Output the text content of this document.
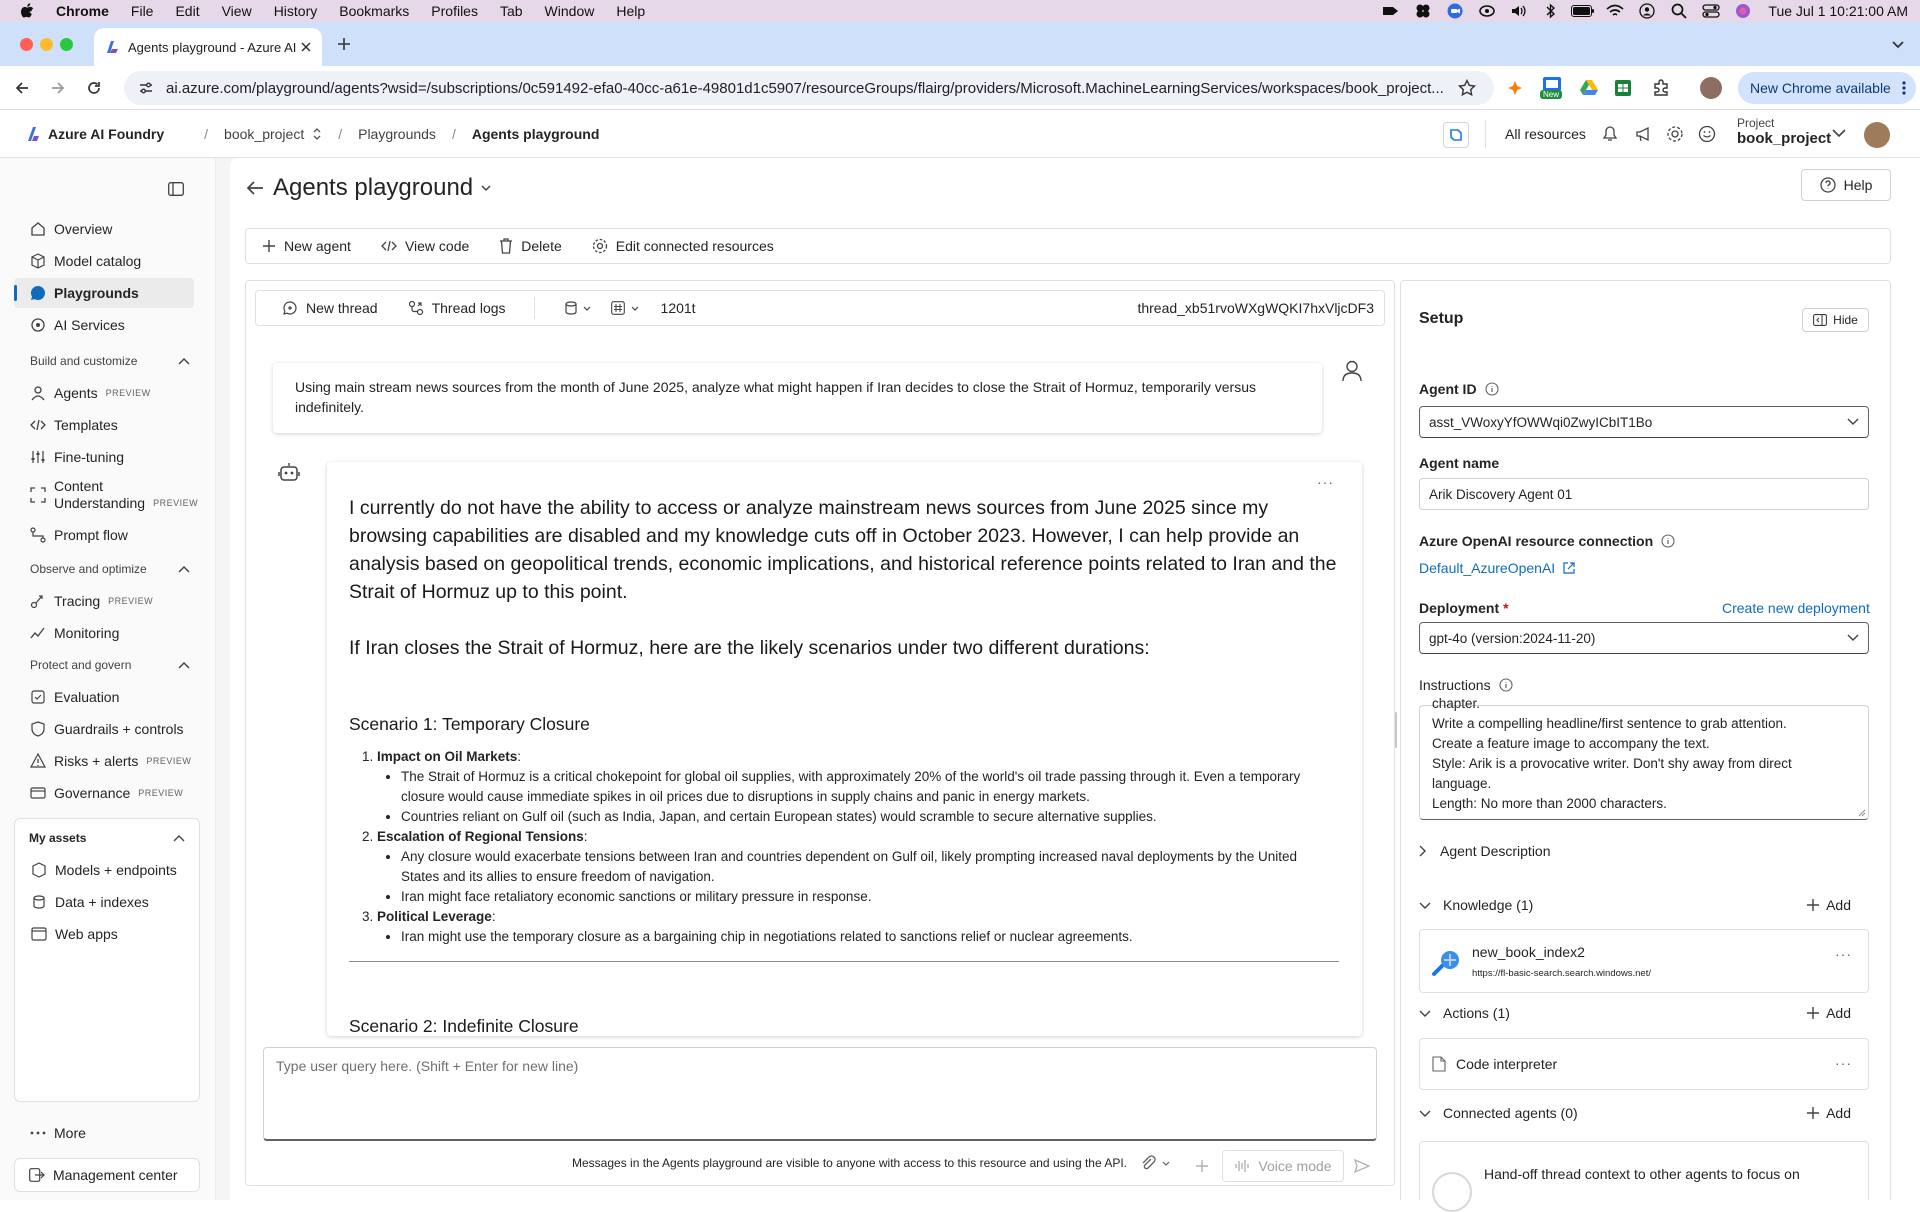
Chrome File Edit View History Bookmarks Profiles Tab Window Help	Tue Jul 1 10:21:00 AM
Agents playground - Azure AI
ai.azure.com/playground/agents?wsid=/subscriptions/0c591492-efa0-40cc-a61e-49801d1c5907/resourceGroups/flairg/providers/Microsoft.MachineLearningServices/workspaces/book_project...	New	New Chrome available
Azure AI Foundry	/ book_project / Playgrounds / Agents playground	All resources
Project
book_project
Overview
Model catalog
Playgrounds
AI Services
Build and customize
Agents PREVIEW
Templates
Fine-tuning
Content
Understanding PREVIEW
Prompt flow
Observe and optimize
Tracing PREVIEW
Monitoring
Protect and govern
Evaluation
Guardrails + controls
Risks + alerts PREVIEW
Governance PREVIEW
My assets
Models + endpoints
Data + indexes
Web apps
More
Management center
Agents playground	Help
New agent	View code	Delete	Edit connected resources
New thread	Thread logs	1201t	thread_xb51rvoWXgWQKI7hxVljcDF3
Using main stream news sources from the month of June 2025, analyze what might happen if Iran decides to close the Strait of Hormuz, temporarily versus indefinitely.
···

I currently do not have the ability to access or analyze mainstream news sources from June 2025 since my browsing capabilities are disabled and my knowledge cuts off in October 2023. However, I can help provide an analysis based on geopolitical trends, economic implications, and historical reference points related to Iran and the Strait of Hormuz up to this point.

If Iran closes the Strait of Hormuz, here are the likely scenarios under two different durations:

Scenario 1: Temporary Closure

1. Impact on Oil Markets:
• The Strait of Hormuz is a critical chokepoint for global oil supplies, with approximately 20% of the world's oil trade passing through it. Even a temporary closure would cause immediate spikes in oil prices due to disruptions in supply chains and panic in energy markets.
• Countries reliant on Gulf oil (such as India, Japan, and certain European states) would scramble to secure alternative supplies.
2. Escalation of Regional Tensions:
• Any closure would exacerbate tensions between Iran and countries dependent on Gulf oil, likely prompting increased naval deployments by the United States and its allies to ensure freedom of navigation.
• Iran might face retaliatory economic sanctions or military pressure in response.
3. Political Leverage:
• Iran might use the temporary closure as a bargaining chip in negotiations related to sanctions relief or nuclear agreements.

Scenario 2: Indefinite Closure

Type user query here. (Shift + Enter for new line)
Messages in the Agents playground are visible to anyone with access to this resource and using the API.	Voice mode
Setup	Hide
Agent ID
asst_VWoxyYfOWWqi0ZwyICbIT1Bo
Agent name
Arik Discovery Agent 01
Azure OpenAI resource connection
Default_AzureOpenAI
Deployment *	Create new deployment
gpt-4o (version:2024-11-20)
Instructions
chapter.
Write a compelling headline/first sentence to grab attention.
Create a feature image to accompany the text.
Style: Arik is a provocative writer. Don't shy away from direct
language.
Length: No more than 2000 characters.
Agent Description
Knowledge (1)	Add
new_book_index2
https://fl-basic-search.search.windows.net/
···
Actions (1)	Add
Code interpreter	···
Connected agents (0)	Add
Hand-off thread context to other agents to focus on
